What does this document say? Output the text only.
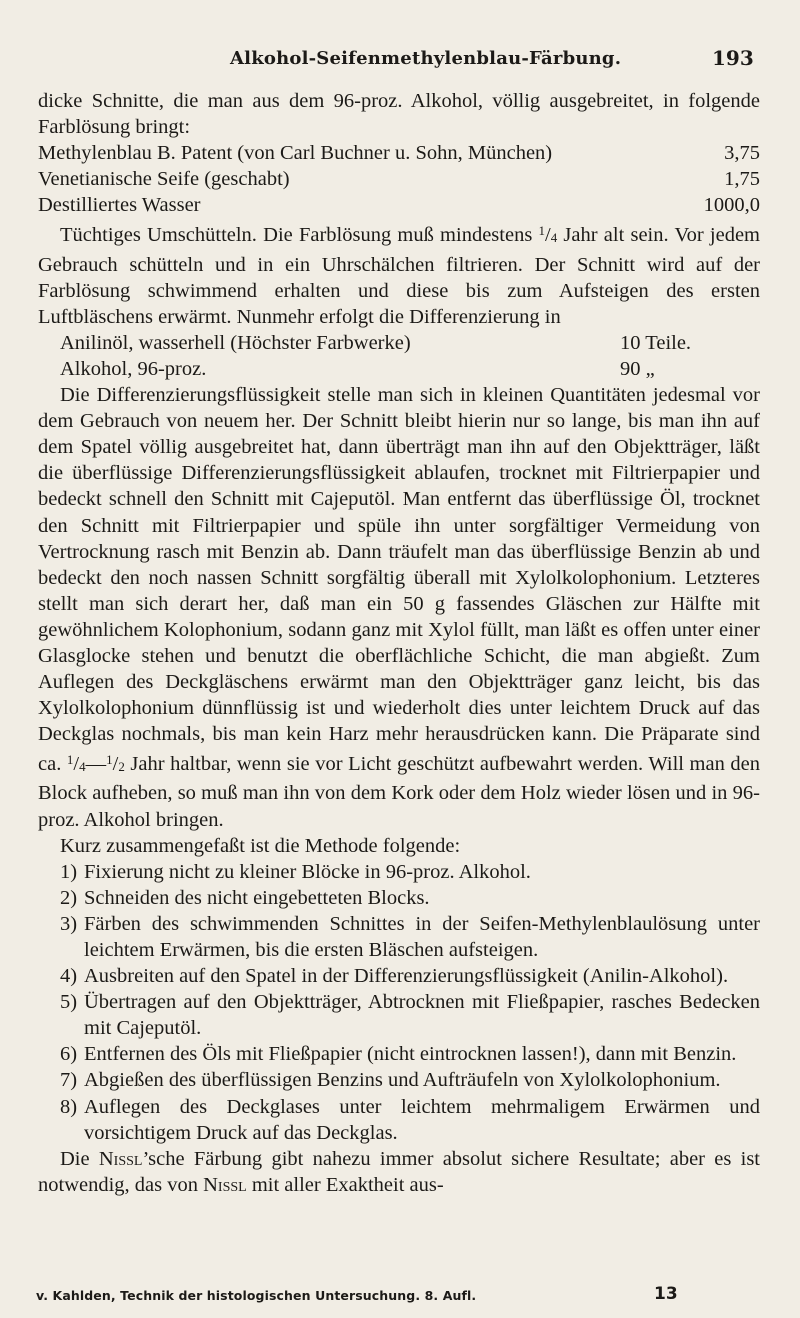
Alkohol-Seifenmethylenblau-Färbung.	193

dicke Schnitte, die man aus dem 96-proz. Alkohol, völlig ausgebreitet, in folgende Farblösung bringt:

Methylenblau B. Patent (von Carl Buchner u. Sohn, München)	3,75
Venetianische Seife (geschabt)	1,75
Destilliertes Wasser	1000,0

Tüchtiges Umschütteln. Die Farblösung muß mindestens $^1$/4 Jahr alt sein. Vor jedem Gebrauch schütteln und in ein Uhrschälchen filtrieren. Der Schnitt wird auf der Farblösung schwimmend erhalten und diese bis zum Aufsteigen des ersten Luftbläschens erwärmt. Nunmehr erfolgt die Differenzierung in

Anilinöl, wasserhell (Höchster Farbwerke)	10 Teile.
Alkohol, 96-proz.	90 „

Die Differenzierungsflüssigkeit stelle man sich in kleinen Quantitäten jedesmal vor dem Gebrauch von neuem her. Der Schnitt bleibt hierin nur so lange, bis man ihn auf dem Spatel völlig ausgebreitet hat, dann überträgt man ihn auf den Objektträger, läßt die überflüssige Differenzierungsflüssigkeit ablaufen, trocknet mit Filtrierpapier und bedeckt schnell den Schnitt mit Cajeputöl. Man entfernt das überflüssige Öl, trocknet den Schnitt mit Filtrierpapier und spüle ihn unter sorgfältiger Vermeidung von Vertrocknung rasch mit Benzin ab. Dann träufelt man das überflüssige Benzin ab und bedeckt den noch nassen Schnitt sorgfältig überall mit Xylolkolophonium. Letzteres stellt man sich derart her, daß man ein 50 g fassendes Gläschen zur Hälfte mit gewöhnlichem Kolophonium, sodann ganz mit Xylol füllt, man läßt es offen unter einer Glasglocke stehen und benutzt die oberflächliche Schicht, die man abgießt. Zum Auflegen des Deckgläschens erwärmt man den Objektträger ganz leicht, bis das Xylolkolophonium dünnflüssig ist und wiederholt dies unter leichtem Druck auf das Deckglas nochmals, bis man kein Harz mehr herausdrücken kann. Die Präparate sind ca. $^1$/4—$^1$/2 Jahr haltbar, wenn sie vor Licht geschützt aufbewahrt werden. Will man den Block aufheben, so muß man ihn von dem Kork oder dem Holz wieder lösen und in 96-proz. Alkohol bringen.

Kurz zusammengefaßt ist die Methode folgende:

1) Fixierung nicht zu kleiner Blöcke in 96-proz. Alkohol.
2) Schneiden des nicht eingebetteten Blocks.
3) Färben des schwimmenden Schnittes in der Seifen-Methylenblaulösung unter leichtem Erwärmen, bis die ersten Bläschen aufsteigen.
4) Ausbreiten auf den Spatel in der Differenzierungsflüssigkeit (Anilin-Alkohol).
5) Übertragen auf den Objektträger, Abtrocknen mit Fließpapier, rasches Bedecken mit Cajeputöl.
6) Entfernen des Öls mit Fließpapier (nicht eintrocknen lassen!), dann mit Benzin.
7) Abgießen des überflüssigen Benzins und Aufträufeln von Xylolkolophonium.
8) Auflegen des Deckglases unter leichtem mehrmaligem Erwärmen und vorsichtigem Druck auf das Deckglas.

Die Nissl’sche Färbung gibt nahezu immer absolut sichere Resultate; aber es ist notwendig, das von Nissl mit aller Exaktheit aus-

v. Kahlden, Technik der histologischen Untersuchung. 8. Aufl.	13
